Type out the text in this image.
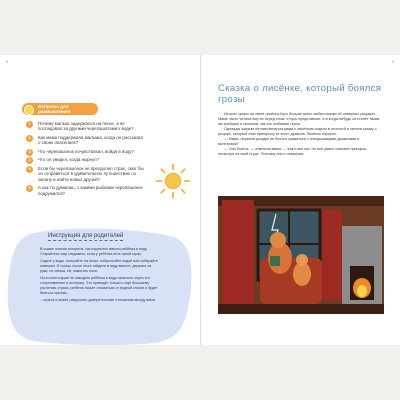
8
Вопросы для размышления
1	Почему малыш задержался на песке, а не последовал за другими черепашатами к воде?
2	Как мама поддержала малыша, когда он рассказал о своих опасениях?
3	Что черепашонок почувствовал, войдя в воду?
4	Что он увидел, когда нырнул?
5	Если бы черепашонок не преодолел страх, смог бы он отправиться в удивительное путешествие по океану и найти новых друзей?
6	А как ты думаешь, с какими рыбками черепашонок подружился?
Инструкция для родителей

В сказке описан алгоритм, как корректно ввести ребёнка в воду. Старайтесь ему следовать, если у ребёнка есть такой страх.

Сядьте у воды, поиграйте на песке, побрызгайте водой или собирайте камешки. И только после этого зайдите в воду вместе, держась за руки, не спеша, ей, помогать носи.

Ни в коем случае не заводите ребёнка в воду насильно через его сопротивление и истерику. Это приведёт только к ещё большему усилению страха, ребёнок может отказаться от водной стихии и будет бояться кричать...

...страха и может разрушить доверительные отношения между вами.

9
Сказка о лисёнке, который боялся грозы

Из всех сказок на свете лисёнок Кусь больше всего любил сказки об отважных рыцарях. Маме часто читала ему их перед сном, и Кусь представлял, что когда-нибудь он станет таким же храбрым и сильным, как его любимые герои.

Однажды жарким летним вечером мама с лисёнком сидели в гостиной и читали сказку о рыцаре, который спас принцессу от злого дракона. Лисёнок спросил:

— Мама, неужели рыцари не боятся сражаться с огнедышащими драконами и монстрами?

— Они боятся, — ответила мама. — Как и все мы. Но всё равно спасают принцесс, несмотря на свой страх. Поэтому они и отважные.
